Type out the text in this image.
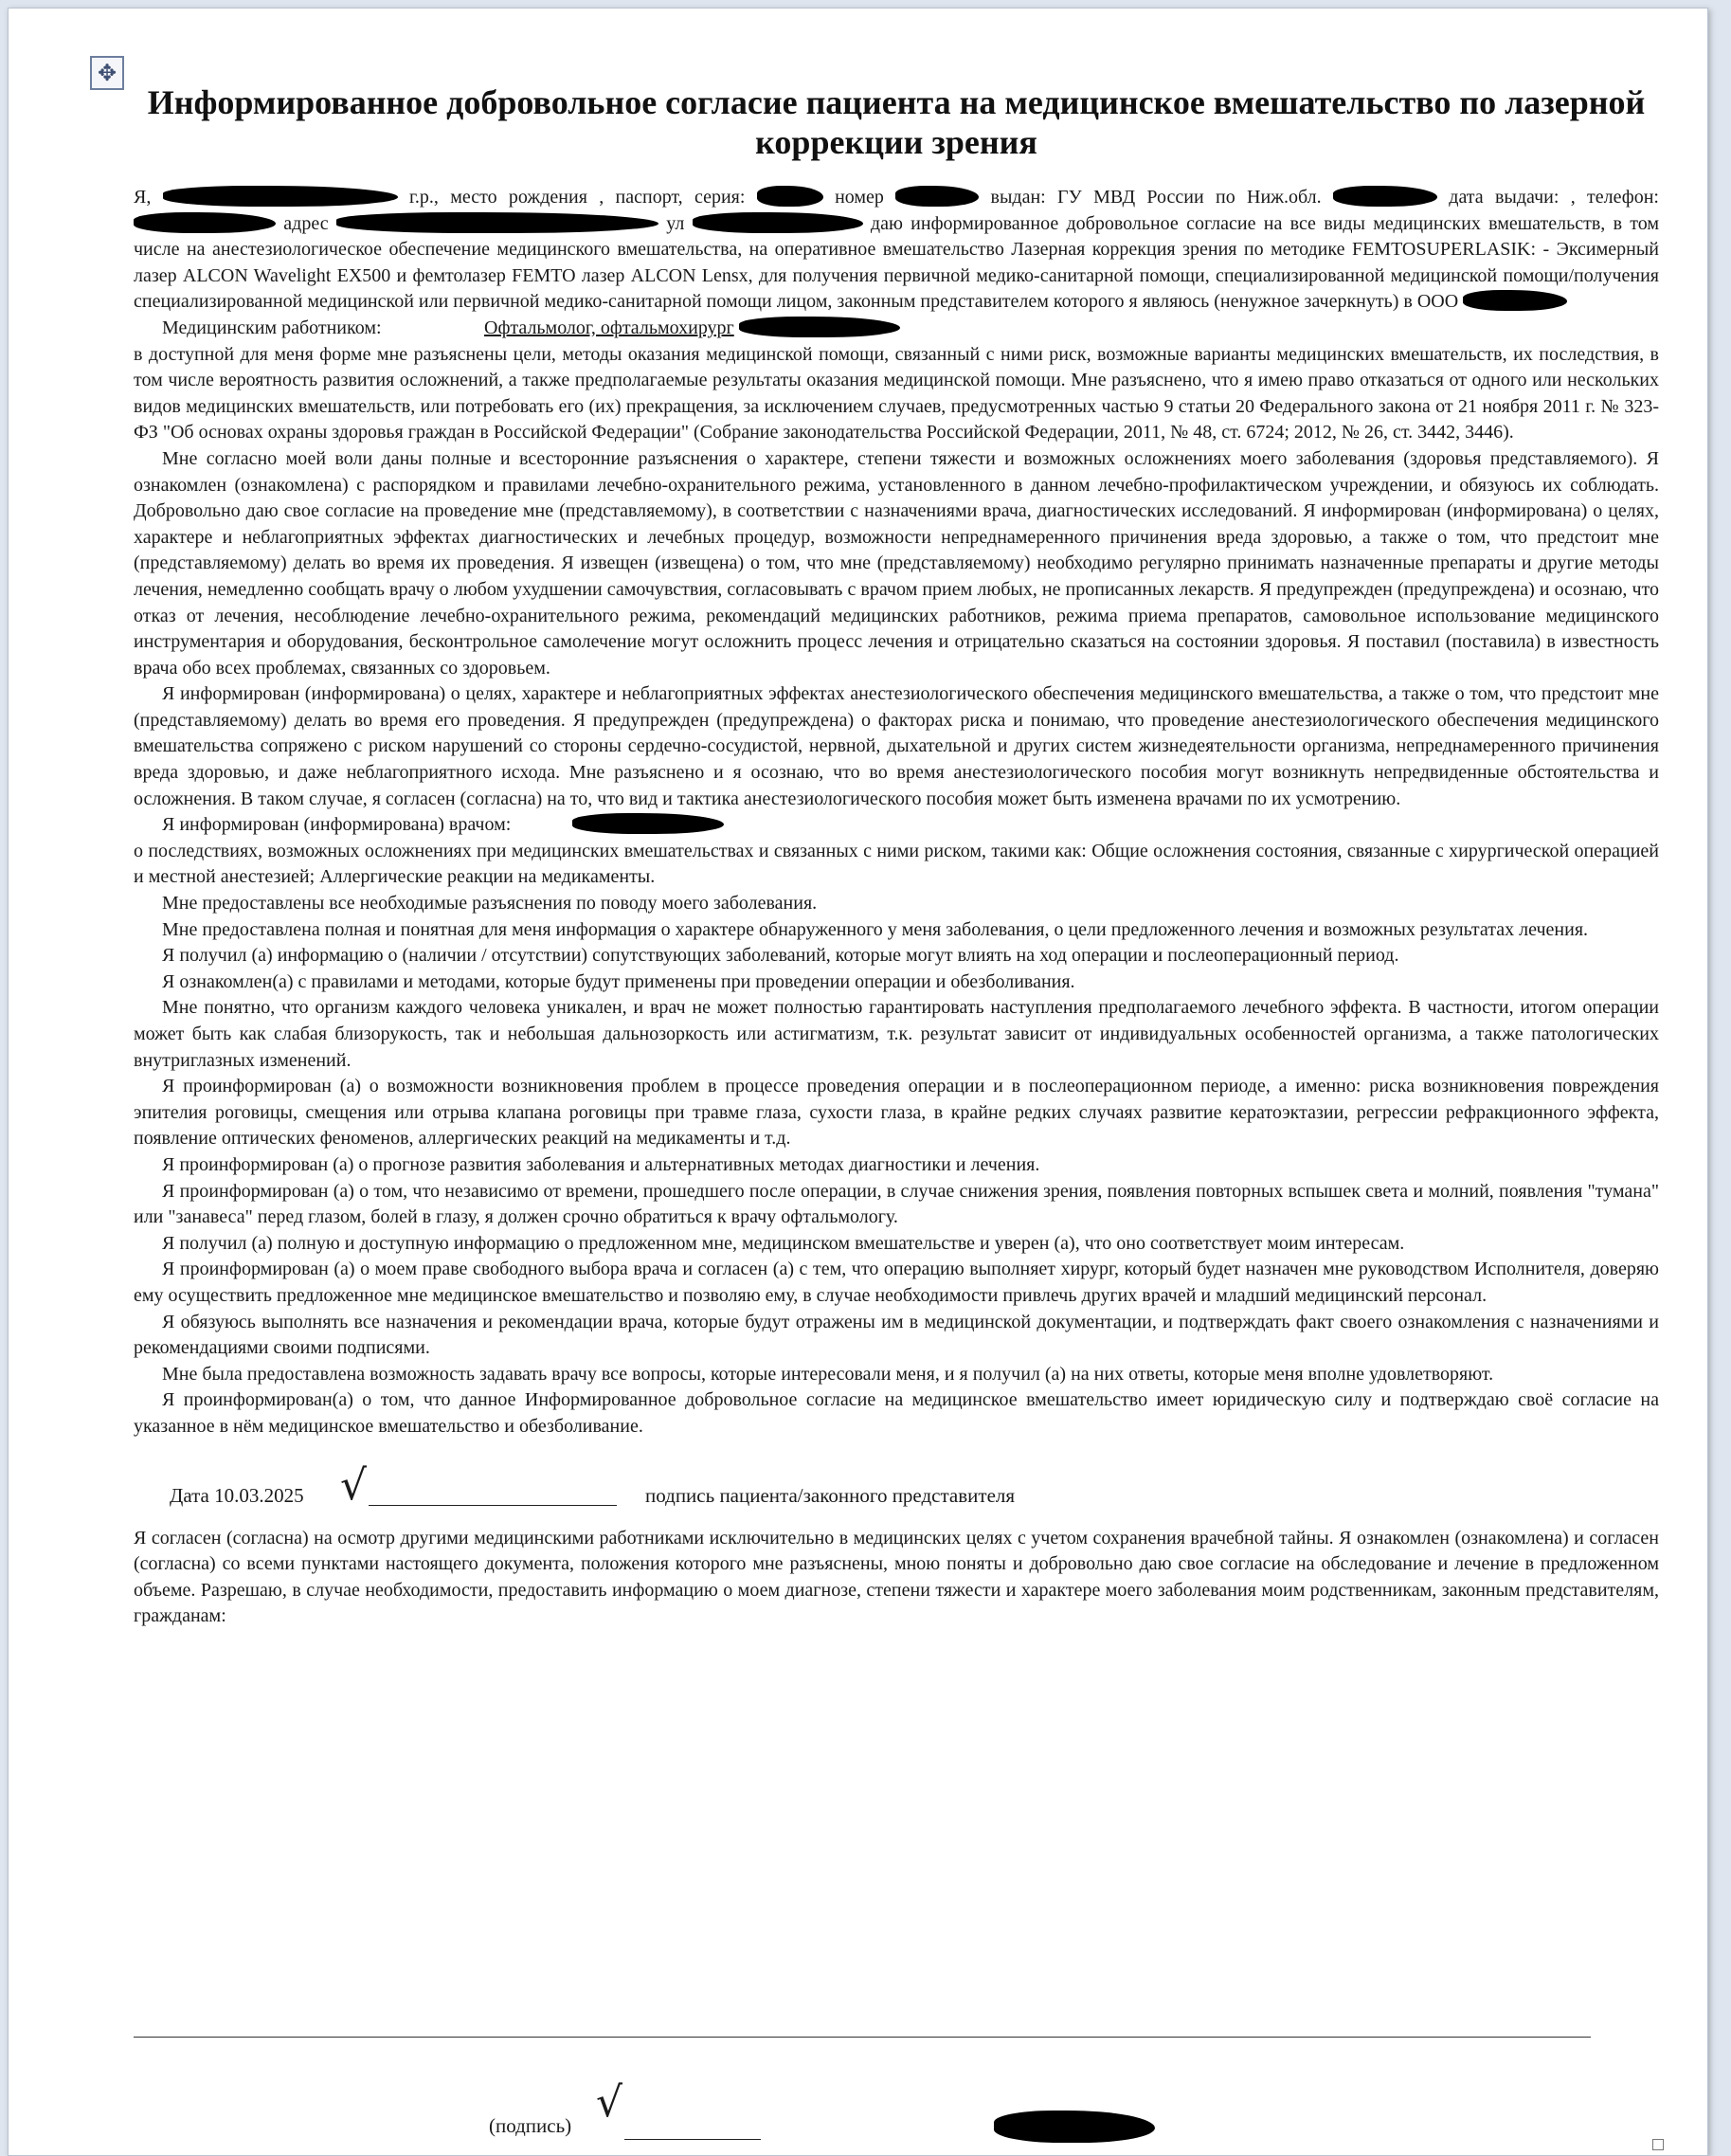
✥
Информированное добровольное согласие пациента на медицинское вмешательство по лазерной коррекции зрения

Я,	г.р., место рождения , паспорт, серия:	номер	выдан: ГУ МВД России по Ниж.обл.	дата выдачи: , телефон:  адрес	ул	даю информированное добровольное согласие на все виды медицинских вмешательств, в том числе на анестезиологическое обеспечение медицинского вмешательства, на оперативное вмешательство Лазерная коррекция зрения по методике FEMTOSUPERLASIK: - Эксимерный лазер ALCON Wavelight EX500 и фемтолазер FEMTO лазер ALCON Lensx, для получения первичной медико-санитарной помощи, специализированной медицинской помощи/получения специализированной медицинской или первичной медико-санитарной помощи лицом, законным представителем которого я являюсь (ненужное зачеркнуть) в ООО

Медицинским работником:	Офтальмолог, офтальмохирург

в доступной для меня форме мне разъяснены цели, методы оказания медицинской помощи, связанный с ними риск, возможные варианты медицинских вмешательств, их последствия, в том числе вероятность развития осложнений, а также предполагаемые результаты оказания медицинской помощи. Мне разъяснено, что я имею право отказаться от одного или нескольких видов медицинских вмешательств, или потребовать его (их) прекращения, за исключением случаев, предусмотренных частью 9 статьи 20 Федерального закона от 21 ноября 2011 г. № 323-ФЗ "Об основах охраны здоровья граждан в Российской Федерации" (Собрание законодательства Российской Федерации, 2011, № 48, ст. 6724; 2012, № 26, ст. 3442, 3446).

Мне согласно моей воли даны полные и всесторонние разъяснения о характере, степени тяжести и возможных осложнениях моего заболевания (здоровья представляемого). Я ознакомлен (ознакомлена) с распорядком и правилами лечебно-охранительного режима, установленного в данном лечебно-профилактическом учреждении, и обязуюсь их соблюдать. Добровольно даю свое согласие на проведение мне (представляемому), в соответствии с назначениями врача, диагностических исследований. Я информирован (информирована) о целях, характере и неблагоприятных эффектах диагностических и лечебных процедур, возможности непреднамеренного причинения вреда здоровью, а также о том, что предстоит мне (представляемому) делать во время их проведения. Я извещен (извещена) о том, что мне (представляемому) необходимо регулярно принимать назначенные препараты и другие методы лечения, немедленно сообщать врачу о любом ухудшении самочувствия, согласовывать с врачом прием любых, не прописанных лекарств. Я предупрежден (предупреждена) и осознаю, что отказ от лечения, несоблюдение лечебно-охранительного режима, рекомендаций медицинских работников, режима приема препаратов, самовольное использование медицинского инструментария и оборудования, бесконтрольное самолечение могут осложнить процесс лечения и отрицательно сказаться на состоянии здоровья. Я поставил (поставила) в известность врача обо всех проблемах, связанных со здоровьем.

Я информирован (информирована) о целях, характере и неблагоприятных эффектах анестезиологического обеспечения медицинского вмешательства, а также о том, что предстоит мне (представляемому) делать во время его проведения. Я предупрежден (предупреждена) о факторах риска и понимаю, что проведение анестезиологического обеспечения медицинского вмешательства сопряжено с риском нарушений со стороны сердечно-сосудистой, нервной, дыхательной и других систем жизнедеятельности организма, непреднамеренного причинения вреда здоровью, и даже неблагоприятного исхода. Мне разъяснено и я осознаю, что во время анестезиологического пособия могут возникнуть непредвиденные обстоятельства и осложнения. В таком случае, я согласен (согласна) на то, что вид и тактика анестезиологического пособия может быть изменена врачами по их усмотрению.

Я информирован (информирована) врачом:

о последствиях, возможных осложнениях при медицинских вмешательствах и связанных с ними риском, такими как: Общие осложнения состояния, связанные с хирургической операцией и местной анестезией; Аллергические реакции на медикаменты.

Мне предоставлены все необходимые разъяснения по поводу моего заболевания.

Мне предоставлена полная и понятная для меня информация о характере обнаруженного у меня заболевания, о цели предложенного лечения и возможных результатах лечения.

Я получил (а) информацию о (наличии / отсутствии) сопутствующих заболеваний, которые могут влиять на ход операции и послеоперационный период.

Я ознакомлен(а) с правилами и методами, которые будут применены при проведении операции и обезболивания.

Мне понятно, что организм каждого человека уникален, и врач не может полностью гарантировать наступления предполагаемого лечебного эффекта. В частности, итогом операции может быть как слабая близорукость, так и небольшая дальнозоркость или астигматизм, т.к. результат зависит от индивидуальных особенностей организма, а также патологических внутриглазных изменений.

Я проинформирован (а) о возможности возникновения проблем в процессе проведения операции и в послеоперационном периоде, а именно: риска возникновения повреждения эпителия роговицы, смещения или отрыва клапана роговицы при травме глаза, сухости глаза, в крайне редких случаях развитие кератоэктазии, регрессии рефракционного эффекта, появление оптических феноменов, аллергических реакций на медикаменты и т.д.

Я проинформирован (а) о прогнозе развития заболевания и альтернативных методах диагностики и лечения.

Я проинформирован (а) о том, что независимо от времени, прошедшего после операции, в случае снижения зрения, появления повторных вспышек света и молний, появления "тумана" или "занавеса" перед глазом, болей в глазу, я должен срочно обратиться к врачу офтальмологу.

Я получил (а) полную и доступную информацию о предложенном мне, медицинском вмешательстве и уверен (а), что оно соответствует моим интересам.

Я проинформирован (а) о моем праве свободного выбора врача и согласен (а) с тем, что операцию выполняет хирург, который будет назначен мне руководством Исполнителя, доверяю ему осуществить предложенное мне медицинское вмешательство и позволяю ему, в случае необходимости привлечь других врачей и младший медицинский персонал.

Я обязуюсь выполнять все назначения и рекомендации врача, которые будут отражены им в медицинской документации, и подтверждать факт своего ознакомления с назначениями и рекомендациями своими подписями.

Мне была предоставлена возможность задавать врачу все вопросы, которые интересовали меня, и я получил (а) на них ответы, которые меня вполне удовлетворяют.

Я проинформирован(а) о том, что данное Информированное добровольное согласие на медицинское вмешательство имеет юридическую силу и подтверждаю своё согласие на указанное в нём медицинское вмешательство и обезболивание.

Дата 10.03.2025 √	подпись пациента/законного представителя

Я согласен (согласна) на осмотр другими медицинскими работниками исключительно в медицинских целях с учетом сохранения врачебной тайны. Я ознакомлен (ознакомлена) и согласен (согласна) со всеми пунктами настоящего документа, положения которого мне разъяснены, мною поняты и добровольно даю свое согласие на обследование и лечение в предложенном объеме. Разрешаю, в случае необходимости, предоставить информацию о моем диагнозе, степени тяжести и характере моего заболевания моим родственникам, законным представителям, гражданам:

(подпись) √
